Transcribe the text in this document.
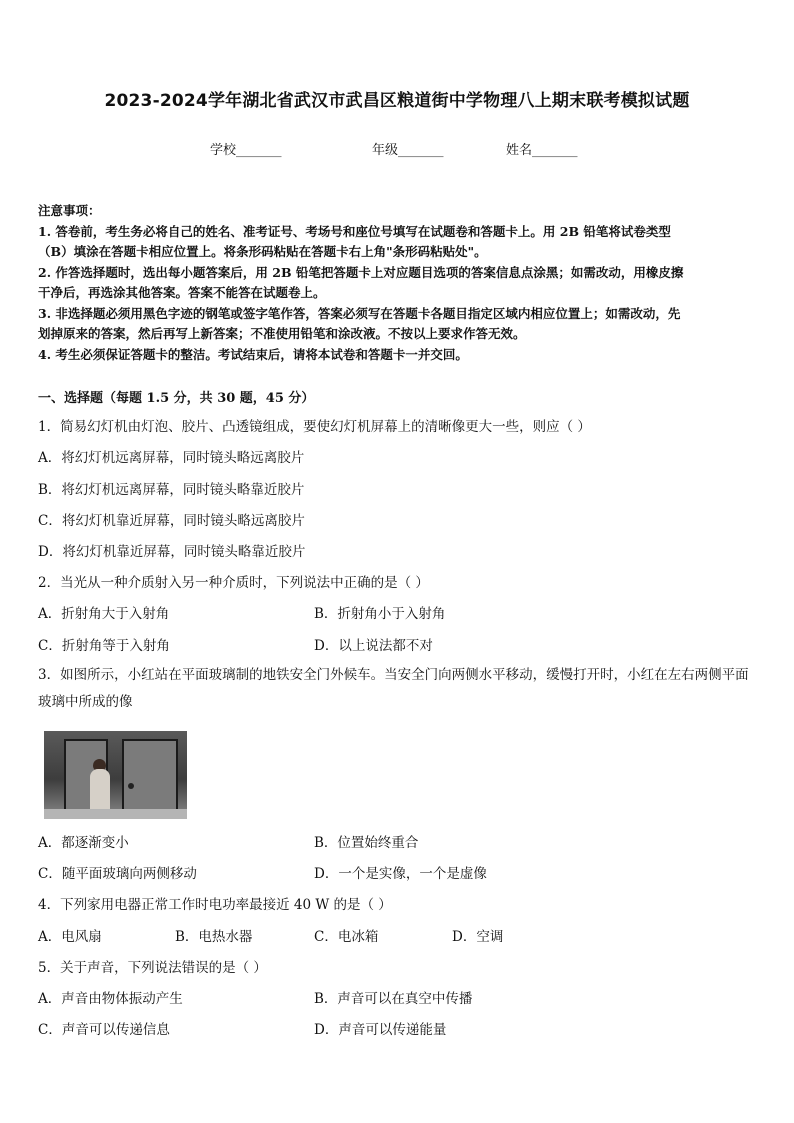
2023-2024学年湖北省武汉市武昌区粮道街中学物理八上期末联考模拟试题
学校_______	年级_______	姓名_______
注意事项：

1. 答卷前，考生务必将自己的姓名、准考证号、考场号和座位号填写在试题卷和答题卡上。用 2B 铅笔将试卷类型

（B）填涂在答题卡相应位置上。将条形码粘贴在答题卡右上角"条形码粘贴处"。

2. 作答选择题时，选出每小题答案后，用 2B 铅笔把答题卡上对应题目选项的答案信息点涂黑；如需改动，用橡皮擦

干净后，再选涂其他答案。答案不能答在试题卷上。

3. 非选择题必须用黑色字迹的钢笔或签字笔作答，答案必须写在答题卡各题目指定区域内相应位置上；如需改动，先

划掉原来的答案，然后再写上新答案；不准使用铅笔和涂改液。不按以上要求作答无效。

4. 考生必须保证答题卡的整洁。考试结束后，请将本试卷和答题卡一并交回。

一、选择题（每题 1.5 分，共 30 题，45 分）
1．简易幻灯机由灯泡、胶片、凸透镜组成，要使幻灯机屏幕上的清晰像更大一些，则应（ ）
A．将幻灯机远离屏幕，同时镜头略远离胶片
B．将幻灯机远离屏幕，同时镜头略靠近胶片
C．将幻灯机靠近屏幕，同时镜头略远离胶片
D．将幻灯机靠近屏幕，同时镜头略靠近胶片
2．当光从一种介质射入另一种介质时，下列说法中正确的是（ ）
A．折射角大于入射角	B．折射角小于入射角
C．折射角等于入射角	D．以上说法都不对
3．如图所示，小红站在平面玻璃制的地铁安全门外候车。当安全门向两侧水平移动，缓慢打开时，小红在左右两侧平面玻璃中所成的像
A．都逐渐变小	B．位置始终重合
C．随平面玻璃向两侧移动	D．一个是实像，一个是虚像
4．下列家用电器正常工作时电功率最接近 40 W 的是（ ）
A．电风扇	B．电热水器	C．电冰箱	D．空调
5．关于声音，下列说法错误的是（ ）
A．声音由物体振动产生	B．声音可以在真空中传播
C．声音可以传递信息	D．声音可以传递能量
